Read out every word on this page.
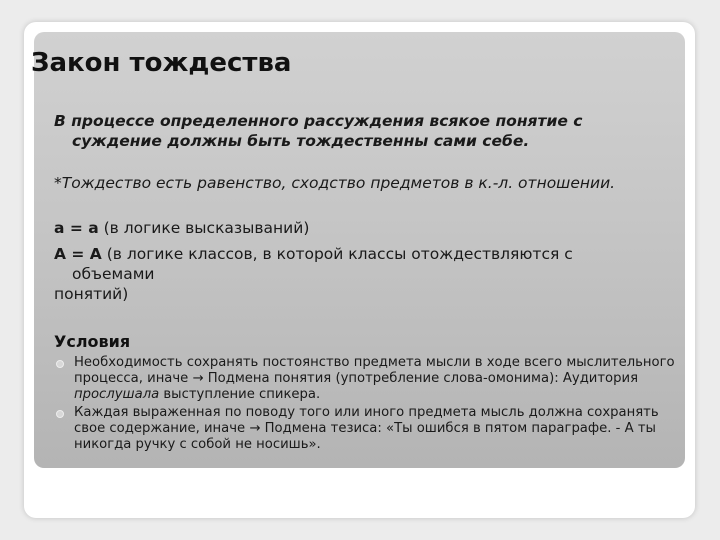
Закон тождества
В процессе определенного рассуждения всякое понятие с
суждение должны быть тождественны сами себе.
*Тождество есть равенство, сходство предметов в к.-л. отношении.
а = а (в логике высказываний)
А = А (в логике классов, в которой классы отождествляются с
объемами
понятий)
Условия
Необходимость сохранять постоянство предмета мысли в ходе всего мыслительного процесса, иначе → Подмена понятия (употребление слова-омонима): Аудитория прослушала выступление спикера.
Каждая выраженная по поводу того или иного предмета мысль должна сохранять свое содержание, иначе → Подмена тезиса: «Ты ошибся в пятом параграфе. - А ты никогда ручку с собой не носишь».
